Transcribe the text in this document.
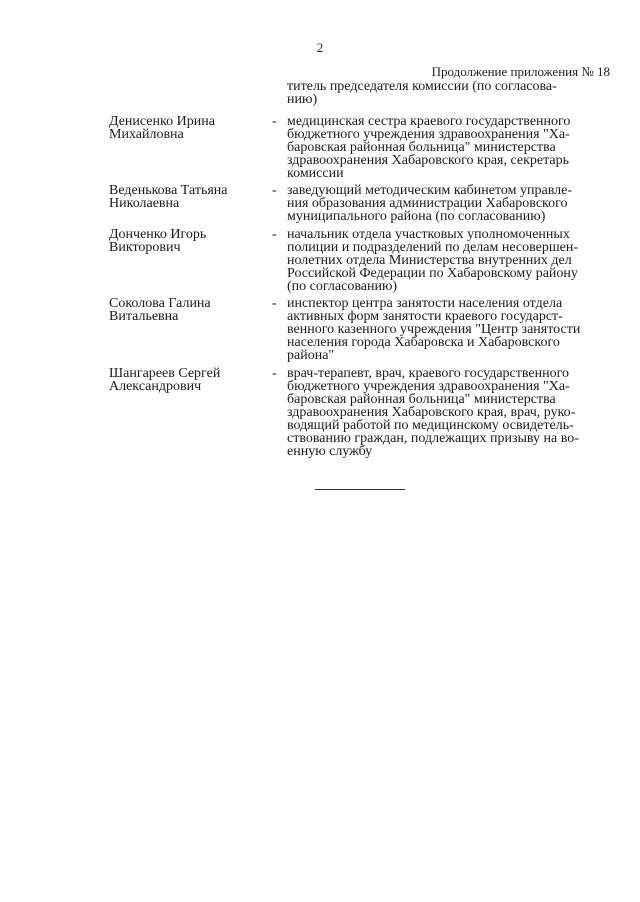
2
Продолжение приложения № 18
титель председателя комиссии (по согласова-
нию)
Денисенко Ирина
Михайловна
- медицинская сестра краевого государственного
бюджетного учреждения здравоохранения "Ха-
баровская районная больница" министерства
здравоохранения Хабаровского края, секретарь
комиссии
Веденькова Татьяна
Николаевна
- заведующий методическим кабинетом управле-
ния образования администрации Хабаровского
муниципального района (по согласованию)
Донченко Игорь
Викторович
- начальник отдела участковых уполномоченных
полиции и подразделений по делам несовершен-
нолетних отдела Министерства внутренних дел
Российской Федерации по Хабаровскому району
(по согласованию)
Соколова Галина
Витальевна
- инспектор центра занятости населения отдела
активных форм занятости краевого государст-
венного казенного учреждения "Центр занятости
населения города Хабаровска и Хабаровского
района"
Шангареев Сергей
Александрович
- врач-терапевт, врач, краевого государственного
бюджетного учреждения здравоохранения "Ха-
баровская районная больница" министерства
здравоохранения Хабаровского края, врач, руко-
водящий работой по медицинскому освидетель-
ствованию граждан, подлежащих призыву на во-
енную службу
